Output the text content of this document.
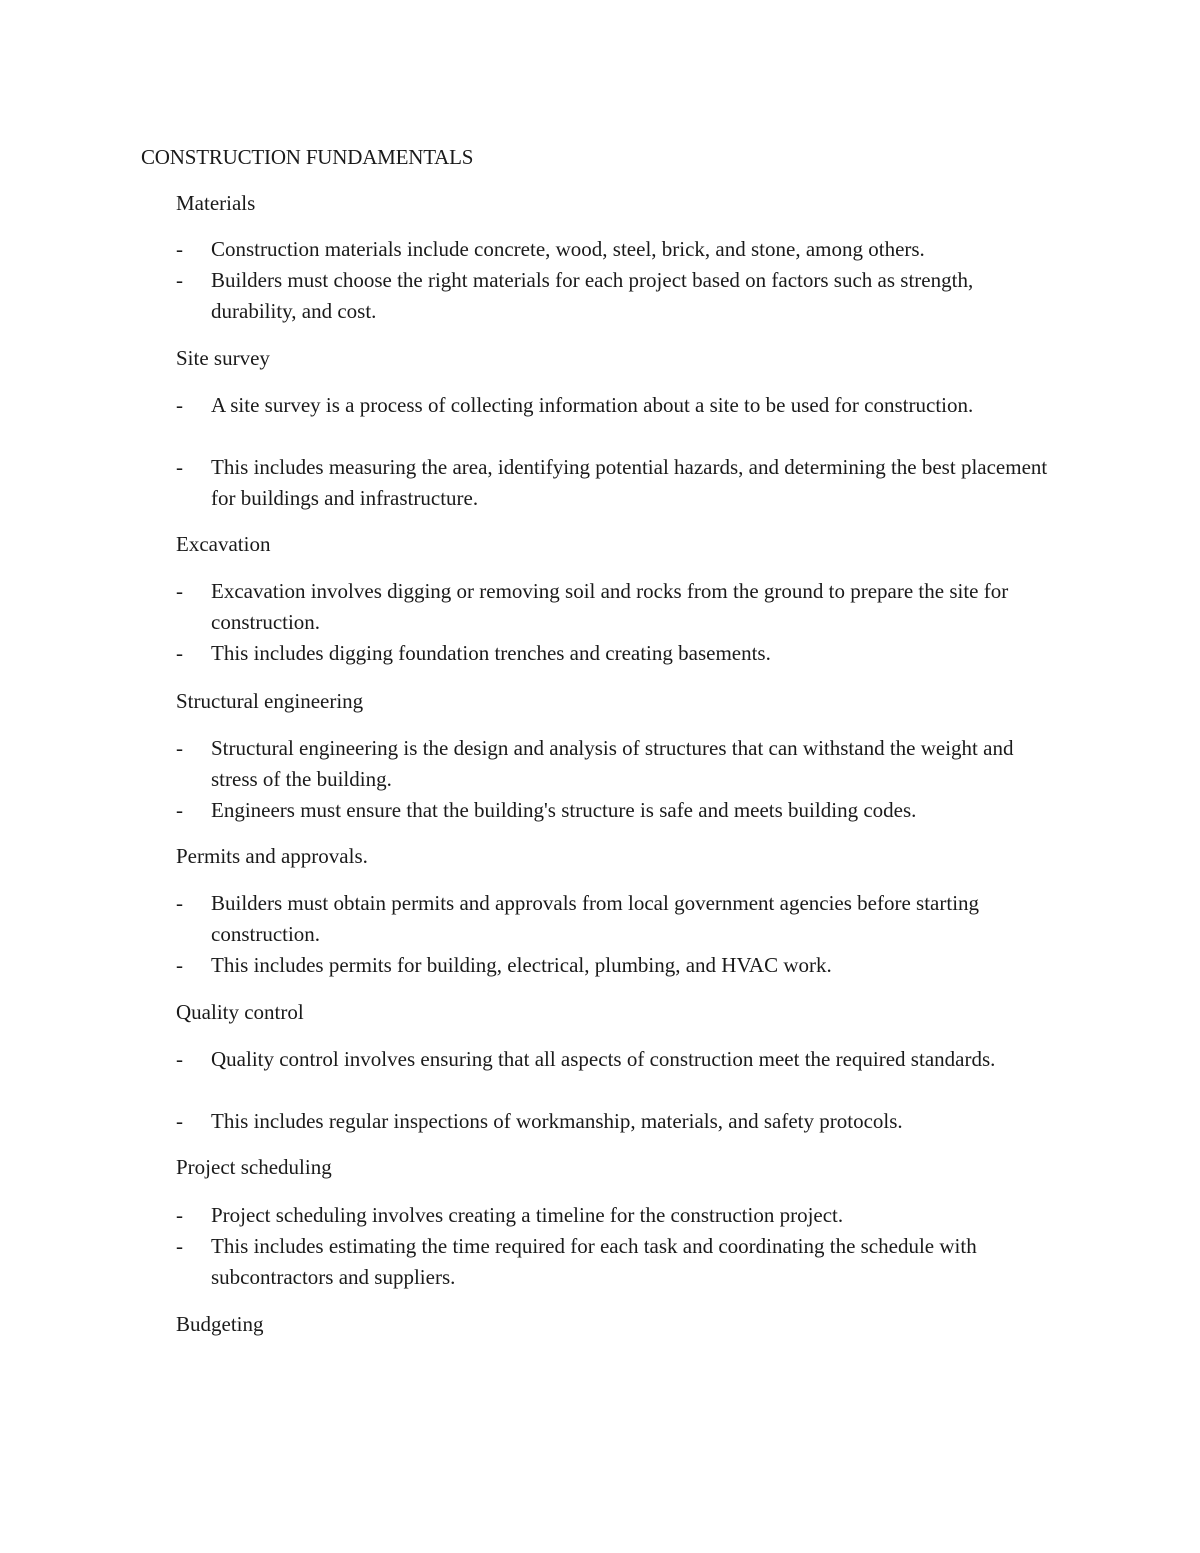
CONSTRUCTION FUNDAMENTALS
Materials
- Construction materials include concrete, wood, steel, brick, and stone, among others.
- Builders must choose the right materials for each project based on factors such as strength, durability, and cost.
Site survey
- A site survey is a process of collecting information about a site to be used for construction.
- This includes measuring the area, identifying potential hazards, and determining the best placement for buildings and infrastructure.
Excavation
- Excavation involves digging or removing soil and rocks from the ground to prepare the site for construction.
- This includes digging foundation trenches and creating basements.
Structural engineering
- Structural engineering is the design and analysis of structures that can withstand the weight and stress of the building.
- Engineers must ensure that the building's structure is safe and meets building codes.
Permits and approvals.
- Builders must obtain permits and approvals from local government agencies before starting construction.
- This includes permits for building, electrical, plumbing, and HVAC work.
Quality control
- Quality control involves ensuring that all aspects of construction meet the required standards.
- This includes regular inspections of workmanship, materials, and safety protocols.
Project scheduling
- Project scheduling involves creating a timeline for the construction project.
- This includes estimating the time required for each task and coordinating the schedule with subcontractors and suppliers.
Budgeting
